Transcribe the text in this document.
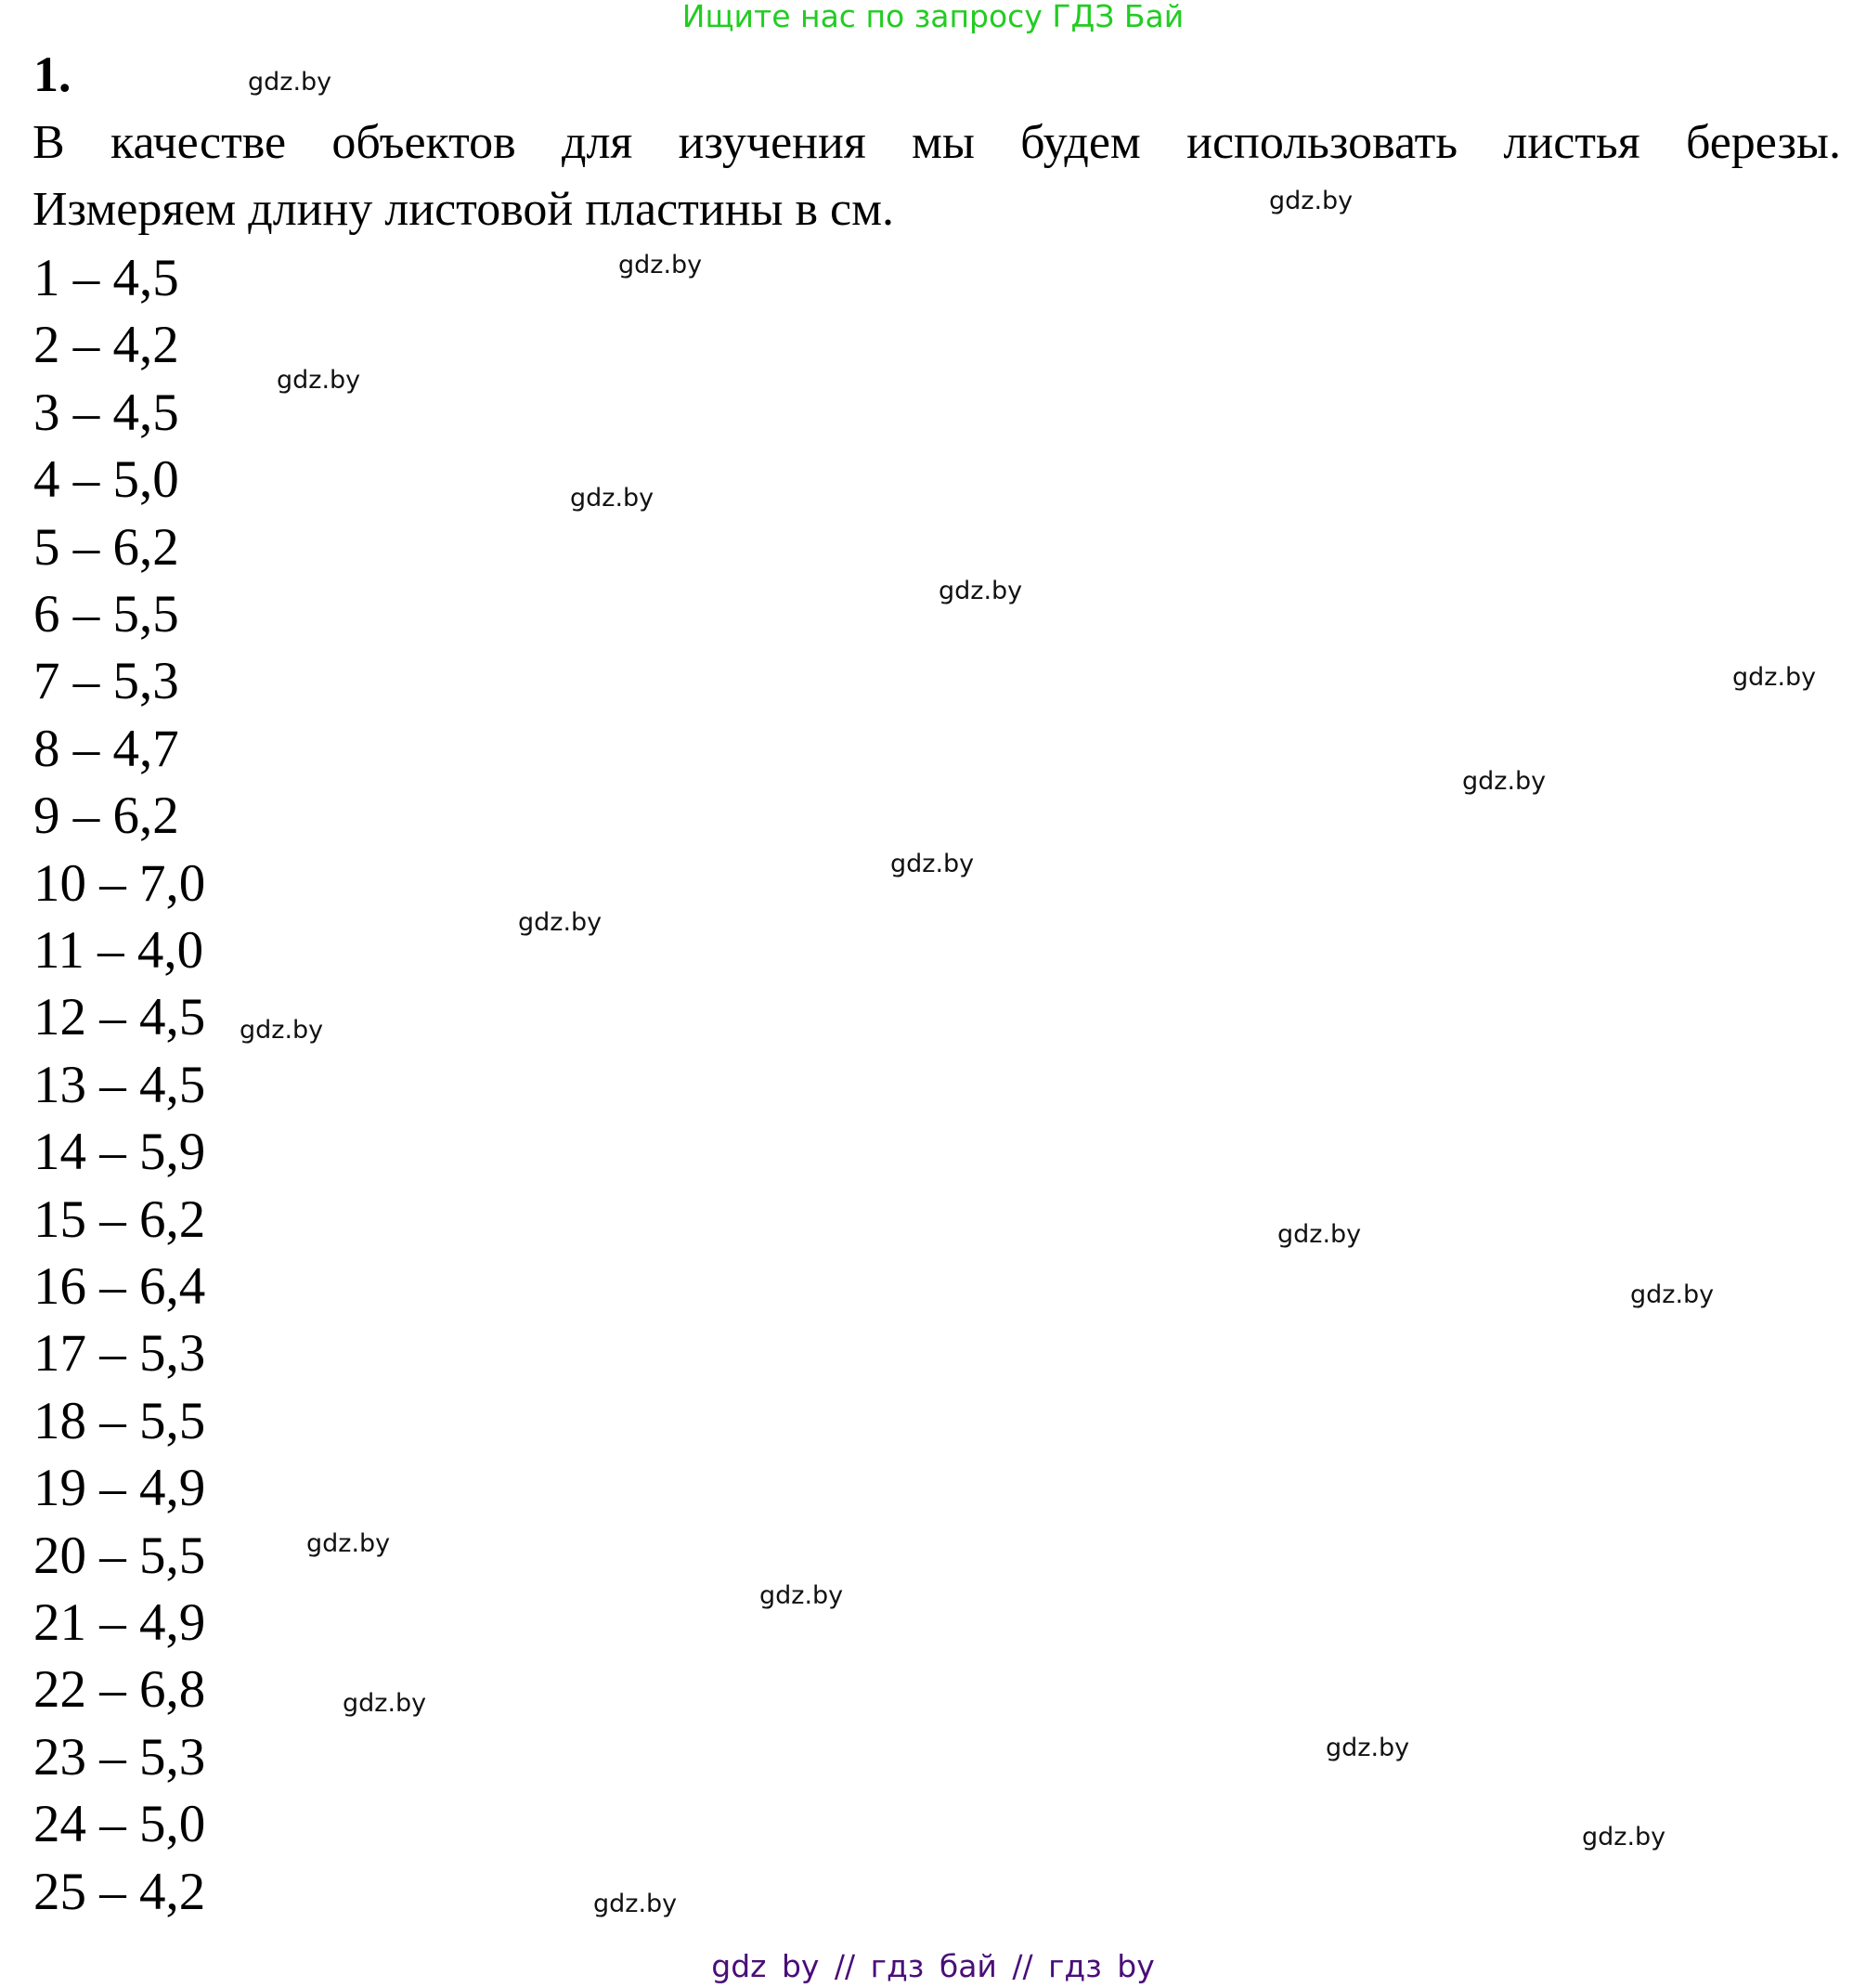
Ищите нас по запросу ГДЗ Бай
1.
В качестве объектов для изучения мы будем использовать листья березы.
Измеряем длину листовой пластины в см.
1 – 4,5
2 – 4,2
3 – 4,5
4 – 5,0
5 – 6,2
6 – 5,5
7 – 5,3
8 – 4,7
9 – 6,2
10 – 7,0
11 – 4,0
12 – 4,5
13 – 4,5
14 – 5,9
15 – 6,2
16 – 6,4
17 – 5,3
18 – 5,5
19 – 4,9
20 – 5,5
21 – 4,9
22 – 6,8
23 – 5,3
24 – 5,0
25 – 4,2
gdz.by
gdz.by
gdz.by
gdz.by
gdz.by
gdz.by
gdz.by
gdz.by
gdz.by
gdz.by
gdz.by
gdz.by
gdz.by
gdz.by
gdz.by
gdz.by
gdz.by
gdz.by
gdz.by
gdz by // гдз бай // гдз by
